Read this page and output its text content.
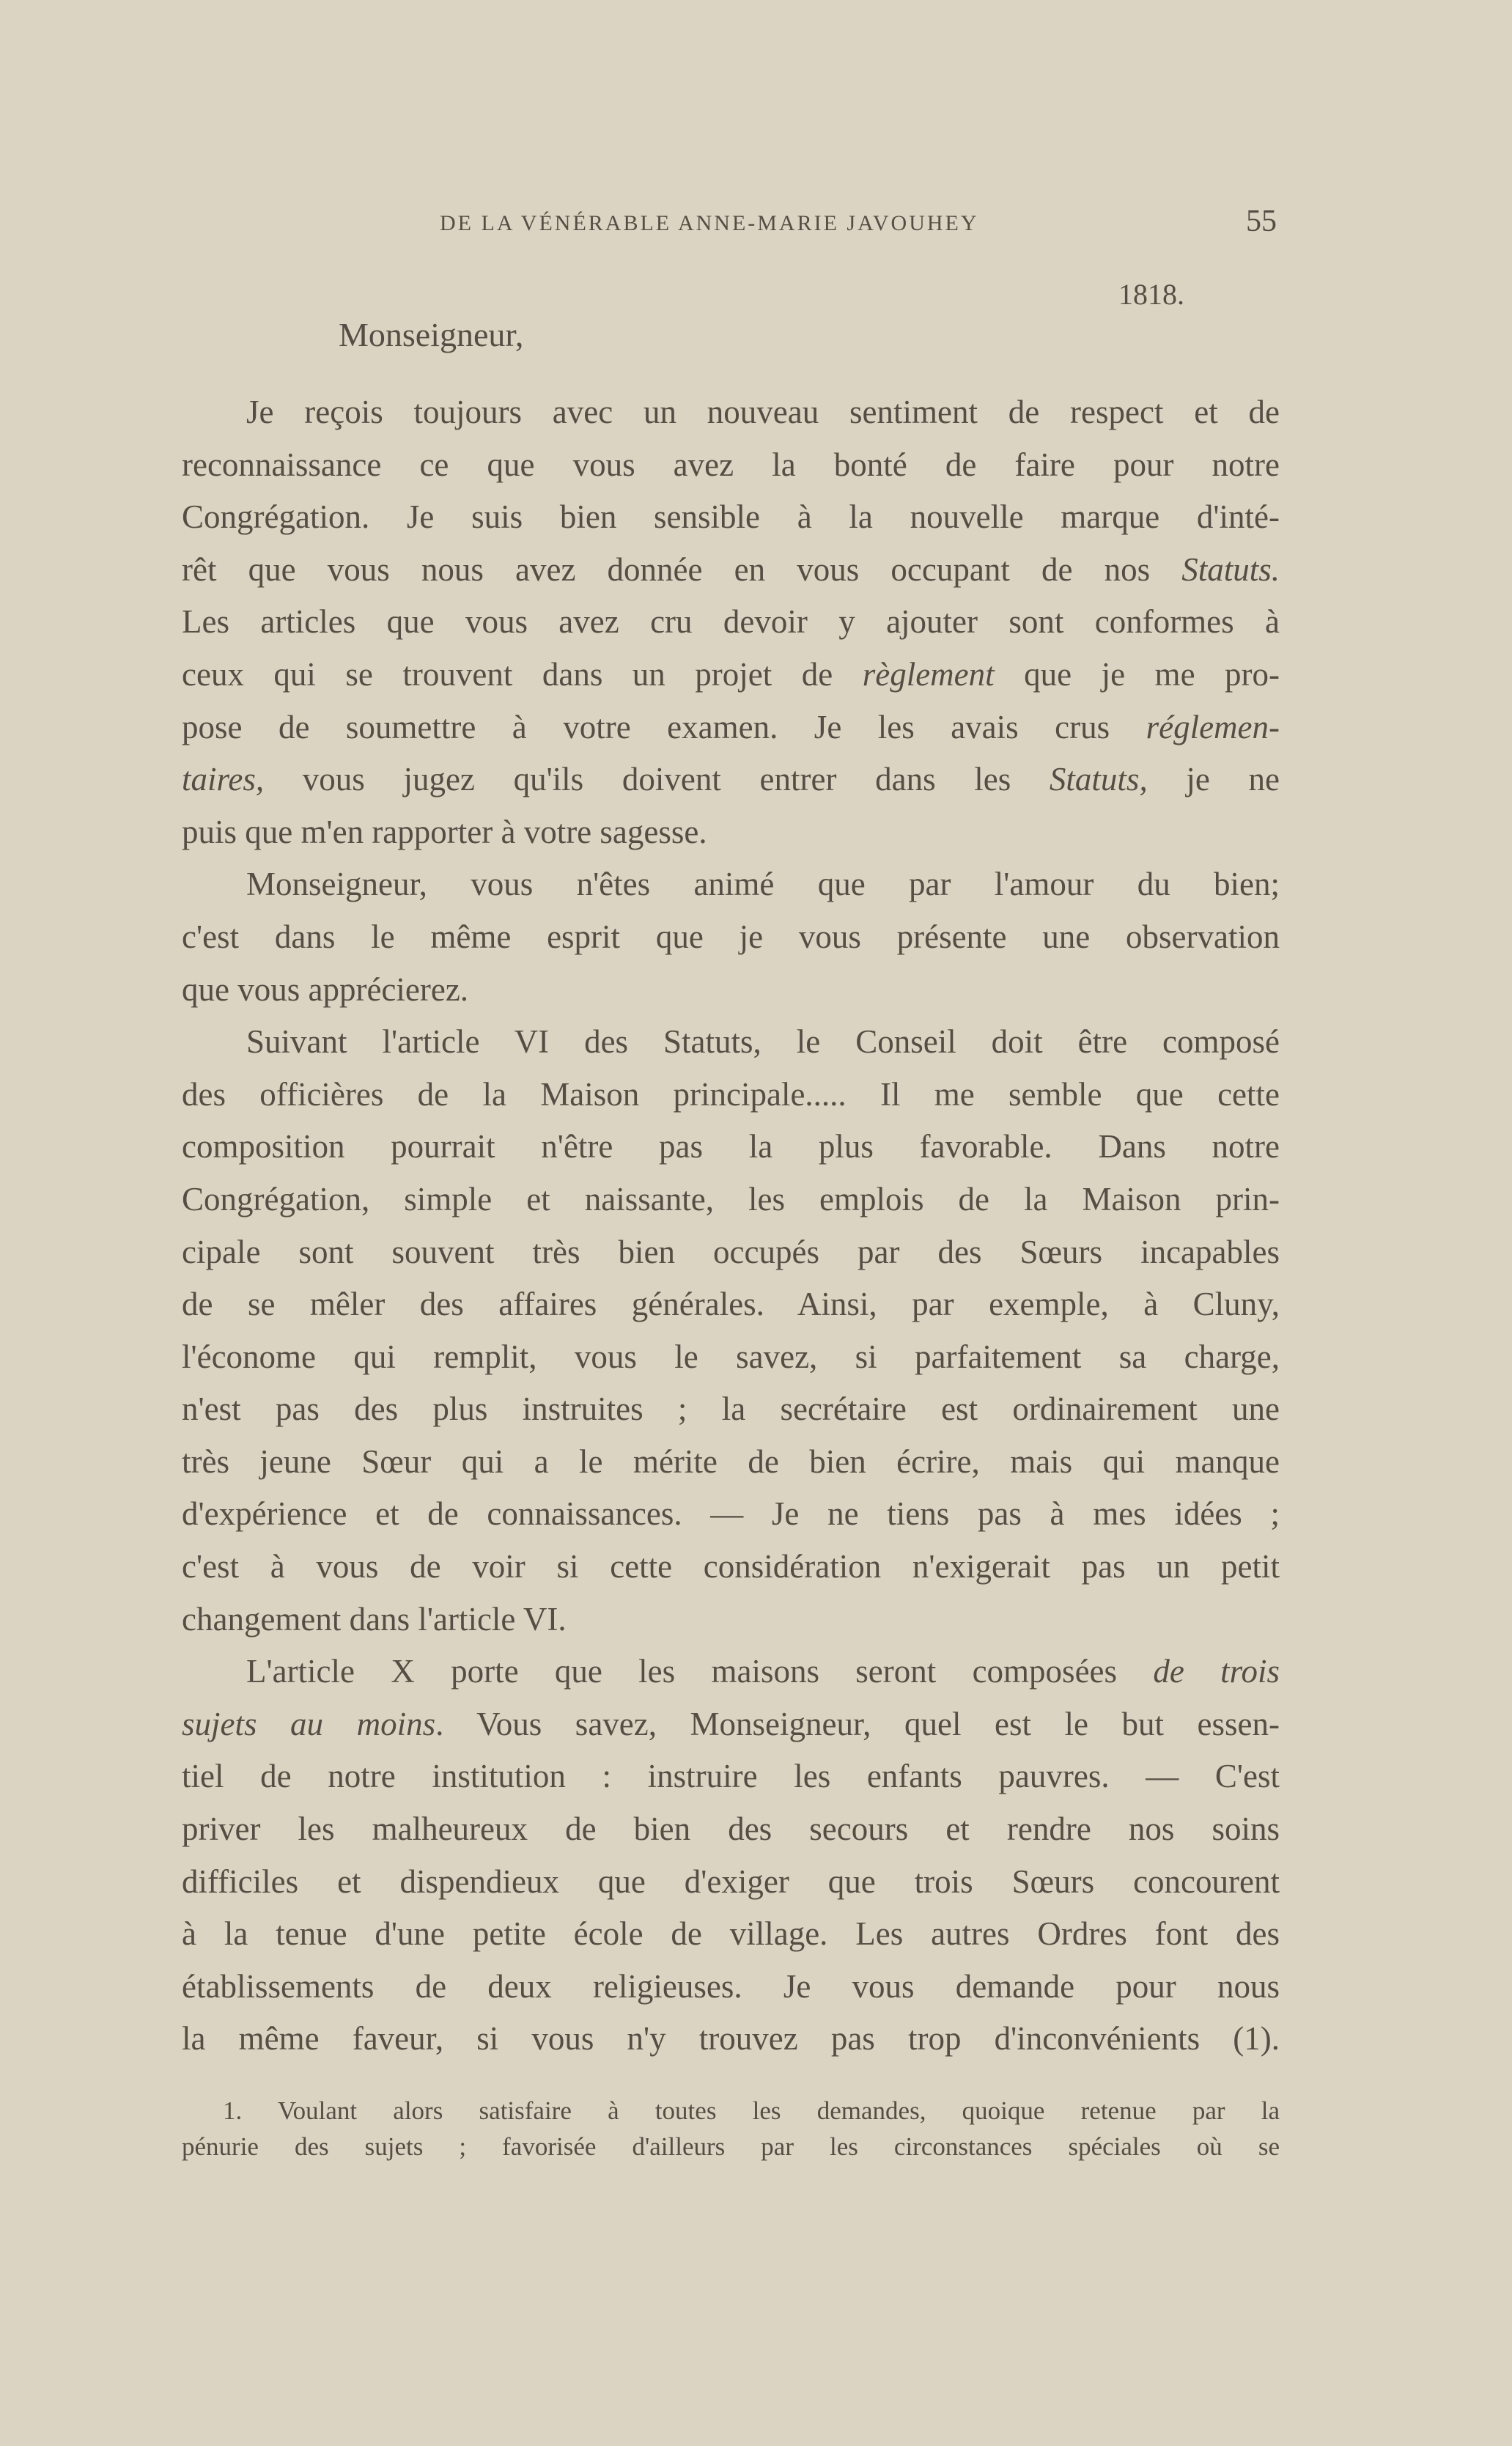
DE LA VÉNÉRABLE ANNE-MARIE JAVOUHEY	55
1818.
Monseigneur,
Je reçois toujours avec un nouveau sentiment de respect et de
reconnaissance ce que vous avez la bonté de faire pour notre
Congrégation. Je suis bien sensible à la nouvelle marque d'inté-
rêt que vous nous avez donnée en vous occupant de nos Statuts.
Les articles que vous avez cru devoir y ajouter sont conformes à
ceux qui se trouvent dans un projet de règlement que je me pro-
pose de soumettre à votre examen. Je les avais crus réglemen-
taires, vous jugez qu'ils doivent entrer dans les Statuts, je ne
puis que m'en rapporter à votre sagesse.
Monseigneur, vous n'êtes animé que par l'amour du bien;
c'est dans le même esprit que je vous présente une observation
que vous apprécierez.
Suivant l'article VI des Statuts, le Conseil doit être composé
des officières de la Maison principale..... Il me semble que cette
composition pourrait n'être pas la plus favorable. Dans notre
Congrégation, simple et naissante, les emplois de la Maison prin-
cipale sont souvent très bien occupés par des Sœurs incapables
de se mêler des affaires générales. Ainsi, par exemple, à Cluny,
l'économe qui remplit, vous le savez, si parfaitement sa charge,
n'est pas des plus instruites ; la secrétaire est ordinairement une
très jeune Sœur qui a le mérite de bien écrire, mais qui manque
d'expérience et de connaissances. — Je ne tiens pas à mes idées ;
c'est à vous de voir si cette considération n'exigerait pas un petit
changement dans l'article VI.
L'article X porte que les maisons seront composées de trois
sujets au moins. Vous savez, Monseigneur, quel est le but essen-
tiel de notre institution : instruire les enfants pauvres. — C'est
priver les malheureux de bien des secours et rendre nos soins
difficiles et dispendieux que d'exiger que trois Sœurs concourent
à la tenue d'une petite école de village. Les autres Ordres font des
établissements de deux religieuses. Je vous demande pour nous
la même faveur, si vous n'y trouvez pas trop d'inconvénients (1).
1. Voulant alors satisfaire à toutes les demandes, quoique retenue par la
pénurie des sujets ; favorisée d'ailleurs par les circonstances spéciales où se
